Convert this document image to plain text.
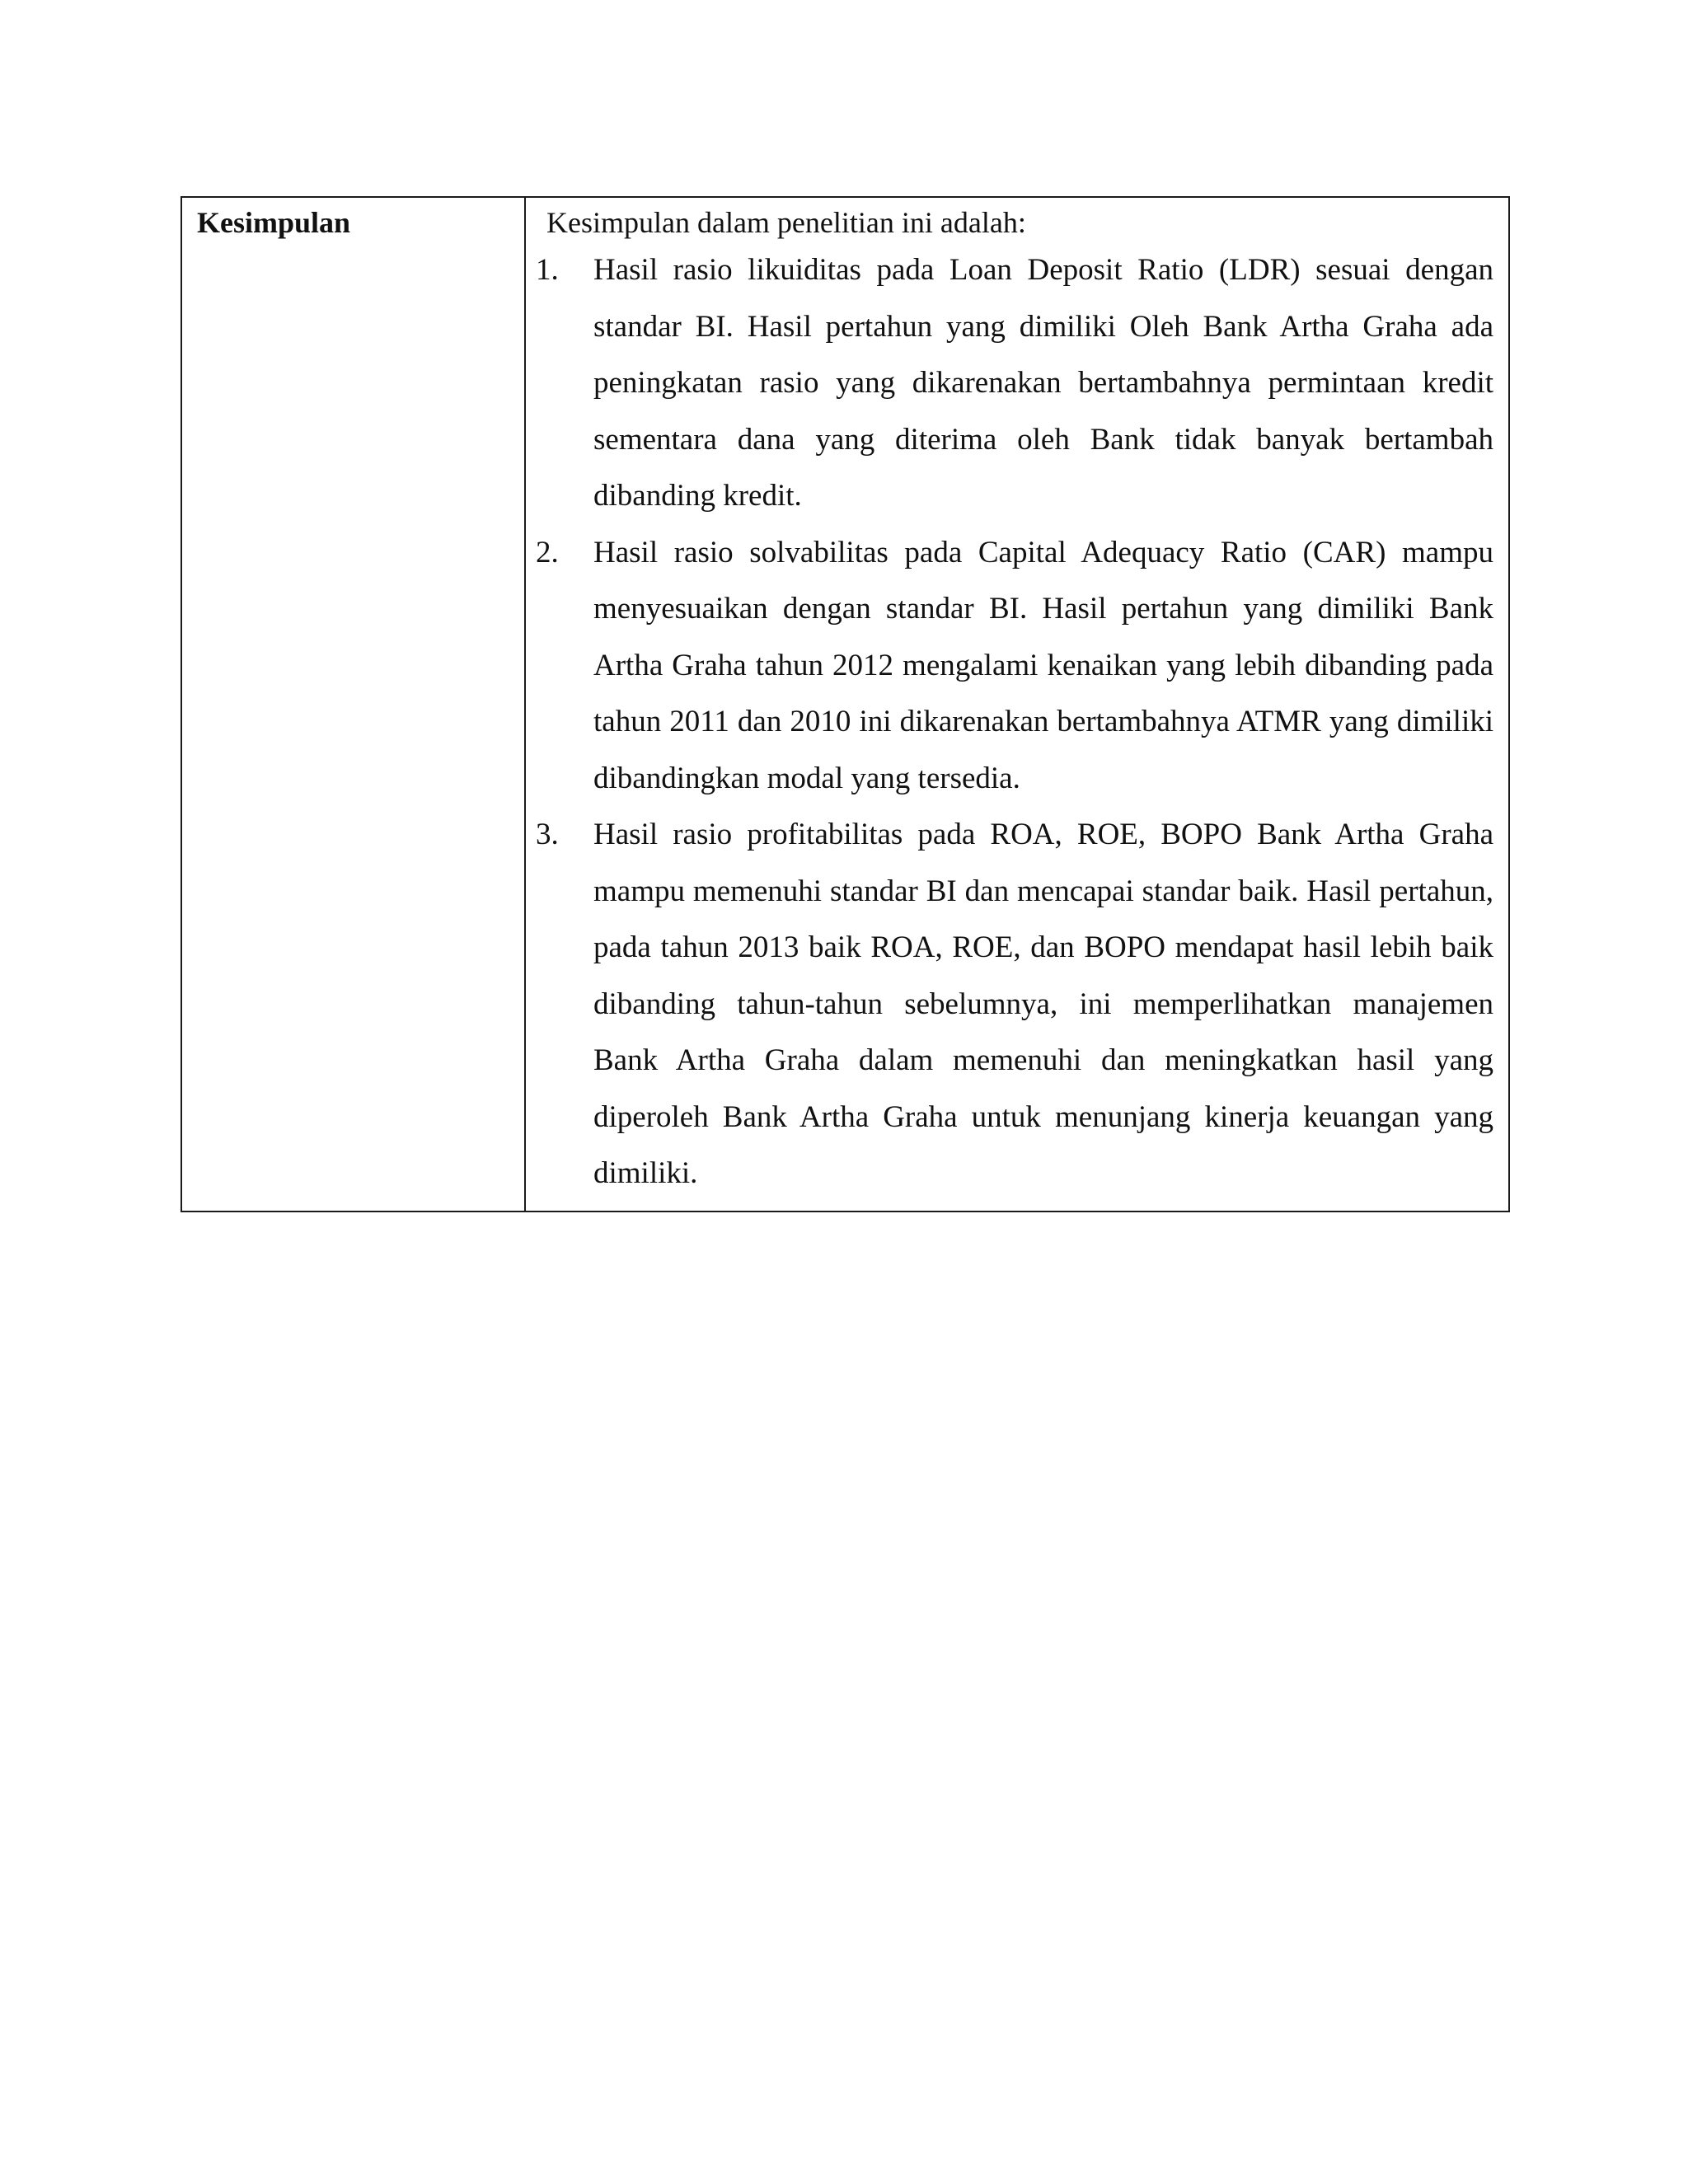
Kesimpulan	Kesimpulan dalam penelitian ini adalah:
1.	Hasil rasio likuiditas pada Loan Deposit Ratio (LDR) sesuai dengan standar BI. Hasil pertahun yang dimiliki Oleh Bank Artha Graha ada peningkatan rasio yang dikarenakan bertambahnya permintaan kredit sementara dana yang diterima oleh Bank tidak banyak bertambah dibanding kredit.
2.	Hasil rasio solvabilitas pada Capital Adequacy Ratio (CAR) mampu menyesuaikan dengan standar BI. Hasil pertahun yang dimiliki Bank Artha Graha tahun 2012 mengalami kenaikan yang lebih dibanding pada tahun 2011 dan 2010 ini dikarenakan bertambahnya ATMR yang dimiliki dibandingkan modal yang tersedia.
3.	Hasil rasio profitabilitas pada ROA, ROE, BOPO Bank Artha Graha mampu memenuhi standar BI dan mencapai standar baik. Hasil pertahun, pada tahun 2013 baik ROA, ROE, dan BOPO mendapat hasil lebih baik dibanding tahun-tahun sebelumnya, ini memperlihatkan manajemen Bank Artha Graha dalam memenuhi dan meningkatkan hasil yang diperoleh Bank Artha Graha untuk menunjang kinerja keuangan yang dimiliki.
